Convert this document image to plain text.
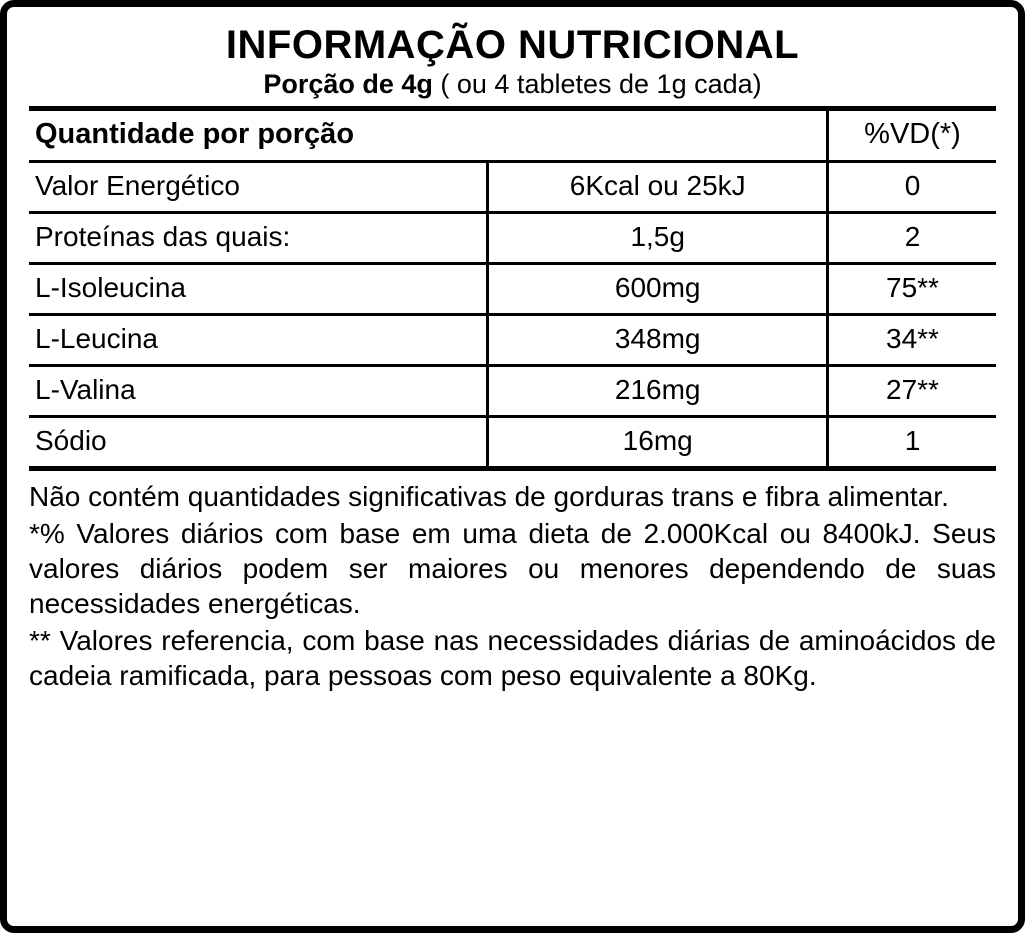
INFORMAÇÃO NUTRICIONAL
Porção de 4g ( ou 4 tabletes de 1g cada)
Quantidade por porção		%VD(*)
Valor Energético	6Kcal ou 25kJ	0
Proteínas das quais:	1,5g	2
L-Isoleucina	600mg	75**
L-Leucina	348mg	34**
L-Valina	216mg	27**
Sódio	16mg	1

Não contém quantidades significativas de gorduras trans e fibra alimentar.

*% Valores diários com base em uma dieta de 2.000Kcal ou 8400kJ. Seus valores diários podem ser maiores ou menores dependendo de suas necessidades energéticas.

** Valores referencia, com base nas necessidades diárias de aminoácidos de cadeia ramificada, para pessoas com peso equivalente a 80Kg.
